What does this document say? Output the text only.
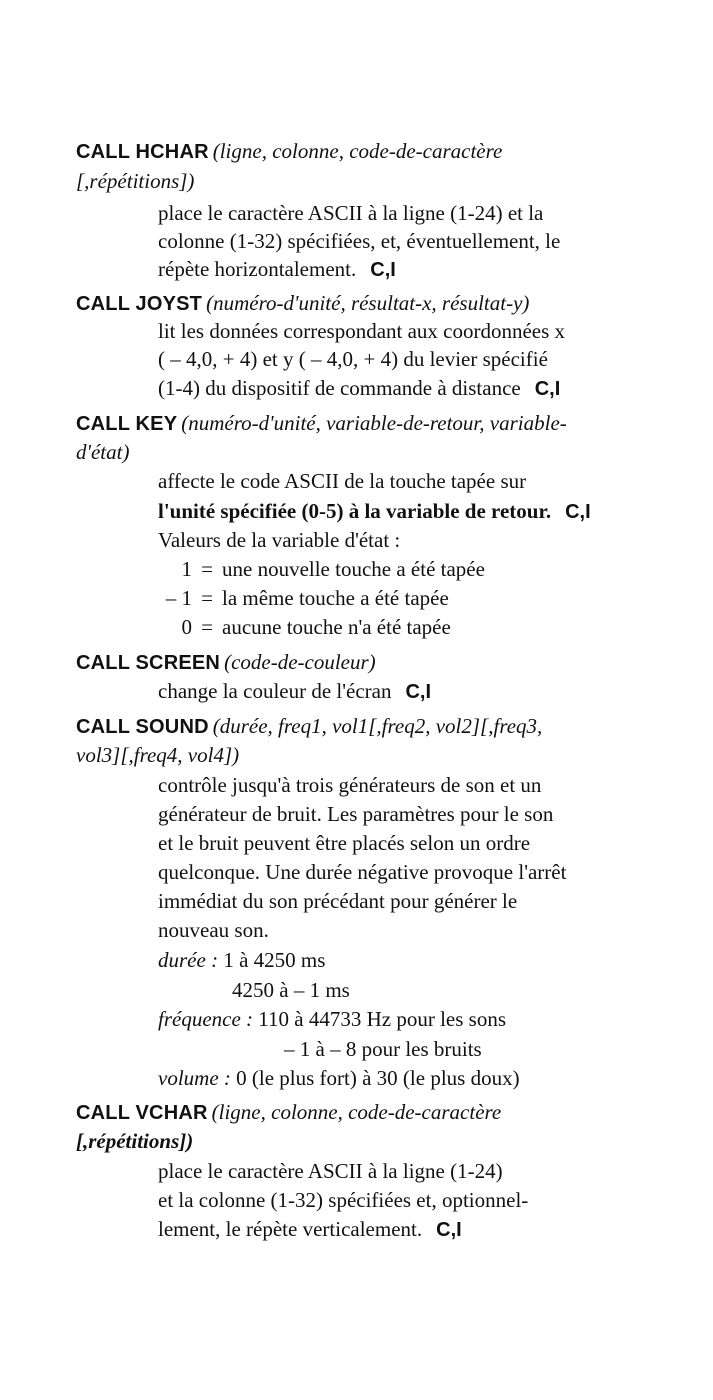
CALL HCHAR (ligne, colonne, code-de-caractère
[,répétitions])
place le caractère ASCII à la ligne (1-24) et la
colonne (1-32) spécifiées, et, éventuellement, le
répète horizontalement. C,I
CALL JOYST (numéro-d'unité, résultat-x, résultat-y)
lit les données correspondant aux coordonnées x
( – 4,0, + 4) et y ( – 4,0, + 4) du levier spécifié
(1-4) du dispositif de commande à distance C,I
CALL KEY (numéro-d'unité, variable-de-retour, variable-
d'état)
affecte le code ASCII de la touche tapée sur
l'unité spécifiée (0-5) à la variable de retour. C,I
Valeurs de la variable d'état :
1 = une nouvelle touche a été tapée
– 1 = la même touche a été tapée
0 = aucune touche n'a été tapée
CALL SCREEN (code-de-couleur)
change la couleur de l'écran C,I
CALL SOUND (durée, freq1, vol1[,freq2, vol2][,freq3,
vol3][,freq4, vol4])
contrôle jusqu'à trois générateurs de son et un
générateur de bruit. Les paramètres pour le son
et le bruit peuvent être placés selon un ordre
quelconque. Une durée négative provoque l'arrêt
immédiat du son précédant pour générer le
nouveau son.
durée : 1 à 4250 ms
4250 à – 1 ms
fréquence : 110 à 44733 Hz pour les sons
– 1 à – 8 pour les bruits
volume : 0 (le plus fort) à 30 (le plus doux)
CALL VCHAR (ligne, colonne, code-de-caractère
[,répétitions])
place le caractère ASCII à la ligne (1-24)
et la colonne (1-32) spécifiées et, optionnel-
lement, le répète verticalement. C,I
